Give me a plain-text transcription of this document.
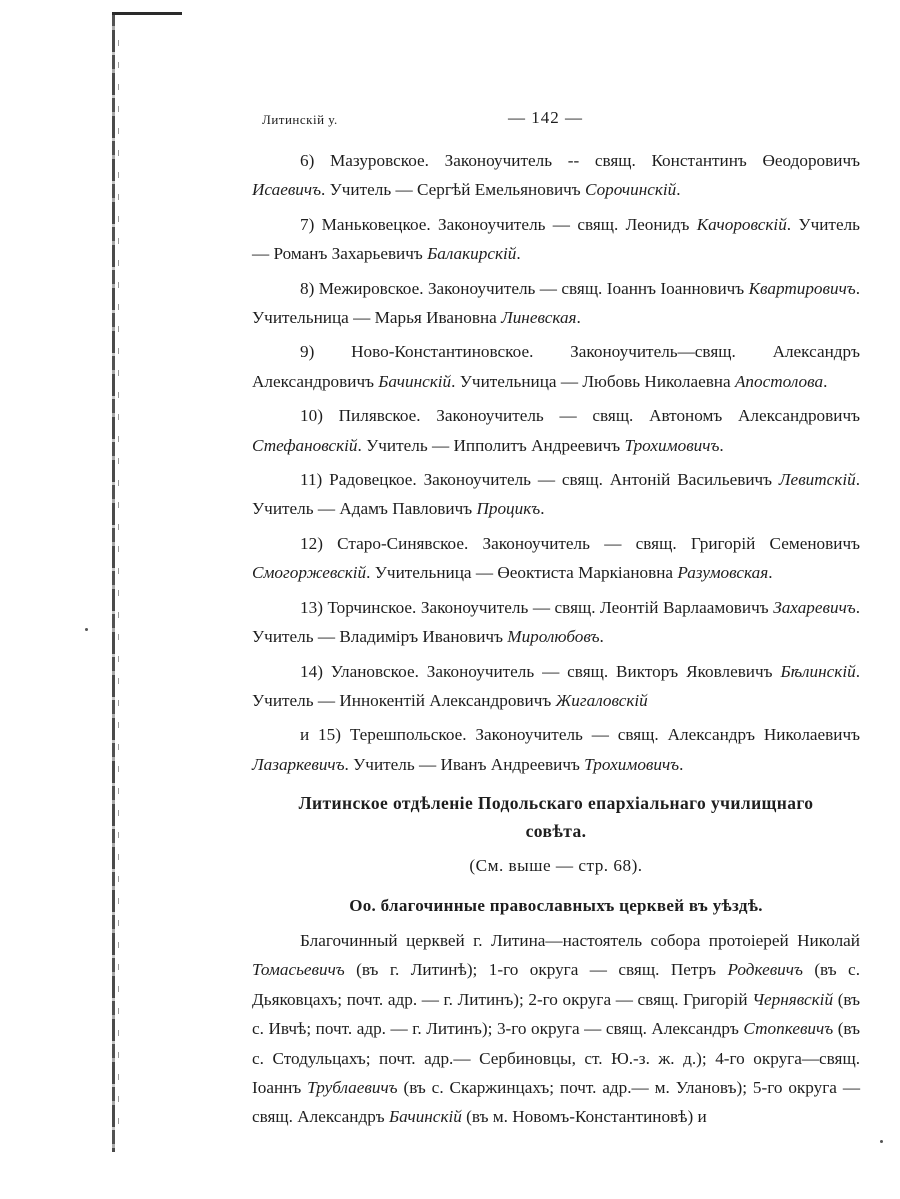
Литинскій у.	— 142 —

6) Мазуровское. Законоучитель -- свящ. Константинъ Өеодоровичъ Исаевичъ. Учитель — Сергѣй Емельяновичъ Сорочинскій.

7) Маньковецкое. Законоучитель — свящ. Леонидъ Качоровскій. Учитель — Романъ Захарьевичъ Балакирскій.

8) Межировское. Законоучитель — свящ. Іоаннъ Іоанновичъ Квартировичъ. Учительница — Марья Ивановна Линевская.

9) Ново-Константиновское. Законоучитель—свящ. Александръ Александровичъ Бачинскій. Учительница — Любовь Николаевна Апостолова.

10) Пилявское. Законоучитель — свящ. Автономъ Александровичъ Стефановскій. Учитель — Ипполитъ Андреевичъ Трохимовичъ.

11) Радовецкое. Законоучитель — свящ. Антоній Васильевичъ Левитскій. Учитель — Адамъ Павловичъ Процикъ.

12) Старо-Синявское. Законоучитель — свящ. Григорій Семеновичъ Смогоржевскій. Учительница — Өеоктиста Маркіановна Разумовская.

13) Торчинское. Законоучитель — свящ. Леонтій Варлаамовичъ Захаревичъ. Учитель — Владиміръ Ивановичъ Миролюбовъ.

14) Улановское. Законоучитель — свящ. Викторъ Яковлевичъ Бѣлинскій. Учитель — Иннокентій Александровичъ Жигаловскій

и 15) Терешпольское. Законоучитель — свящ. Александръ Николаевичъ Лазаркевичъ. Учитель — Иванъ Андреевичъ Трохимовичъ.

Литинское отдѣленіе Подольскаго епархіальнаго училищнаго совѣта.
(См. выше — стр. 68).
Оо. благочинные православныхъ церквей въ уѣздѣ.

Благочинный церквей г. Литина—настоятель собора протоіерей Николай Томасьевичъ (въ г. Литинѣ); 1-го округа — свящ. Петръ Родкевичъ (въ с. Дьяковцахъ; почт. адр. — г. Литинъ); 2-го округа — свящ. Григорій Чернявскій (въ с. Ивчѣ; почт. адр. — г. Литинъ); 3-го округа — свящ. Александръ Стопкевичъ (въ с. Стодульцахъ; почт. адр.— Сербиновцы, ст. Ю.-з. ж. д.); 4-го округа—свящ. Іоаннъ Трублаевичъ (въ с. Скаржинцахъ; почт. адр.— м. Улановъ); 5-го округа — свящ. Александръ Бачинскій (въ м. Новомъ-Константиновѣ) и
